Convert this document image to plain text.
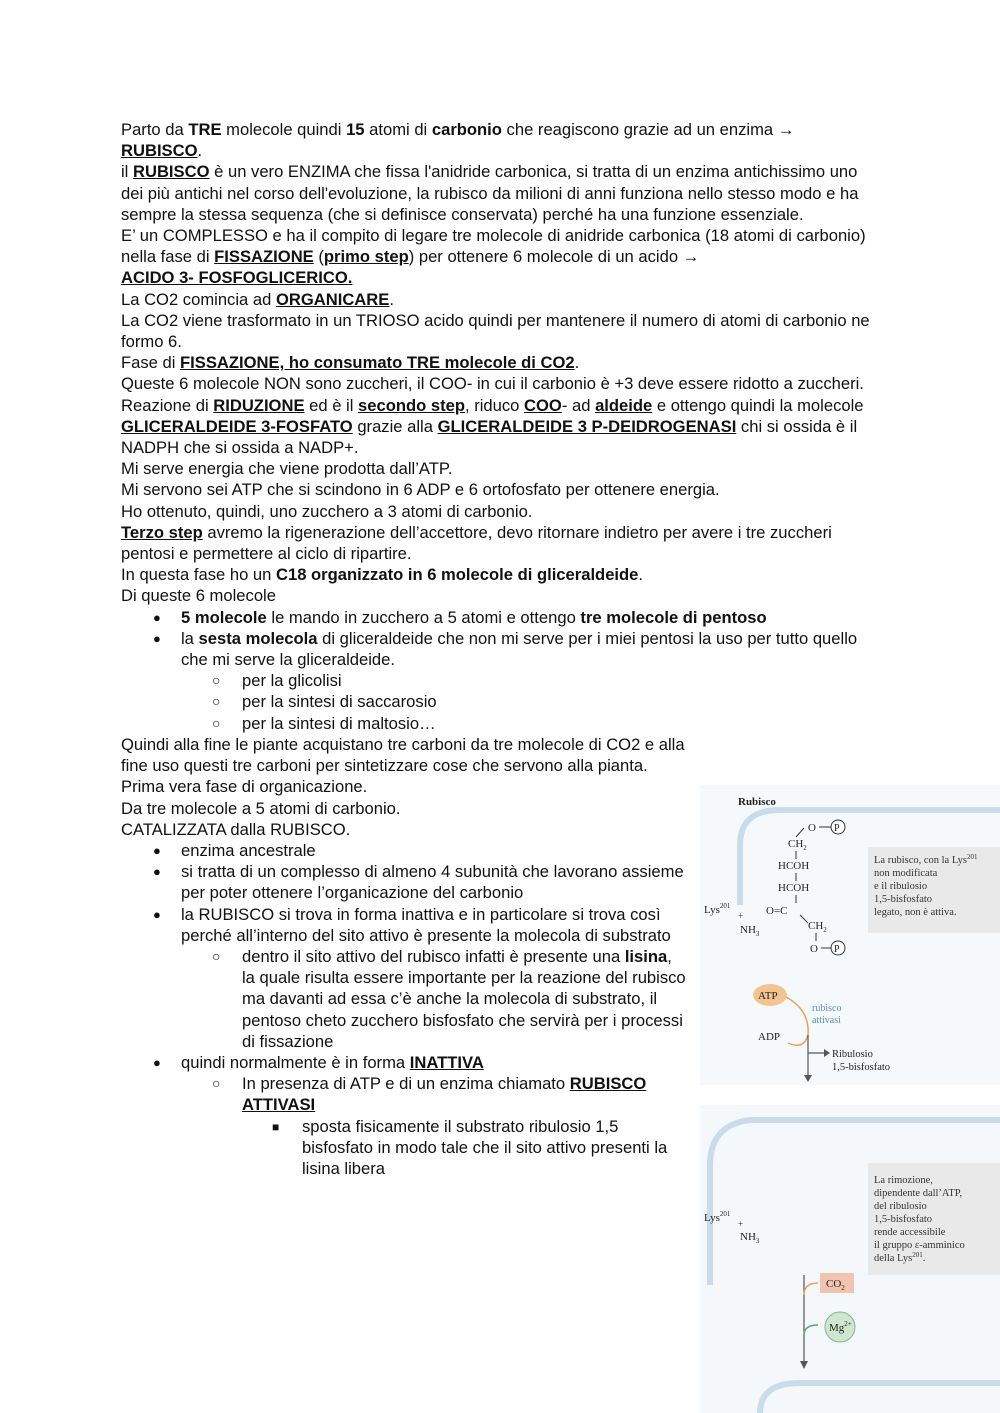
Parto da TRE molecole quindi 15 atomi di carbonio che reagiscono grazie ad un enzima →

RUBISCO.

il RUBISCO è un vero ENZIMA che fissa l'anidride carbonica, si tratta di un enzima antichissimo uno dei più antichi nel corso dell'evoluzione, la rubisco da milioni di anni funziona nello stesso modo e ha sempre la stessa sequenza (che si definisce conservata) perché ha una funzione essenziale.

E’ un COMPLESSO e ha il compito di legare tre molecole di anidride carbonica (18 atomi di carbonio) nella fase di FISSAZIONE (primo step) per ottenere 6 molecole di un acido →

ACIDO 3- FOSFOGLICERICO.

La CO2 comincia ad ORGANICARE.

La CO2 viene trasformato in un TRIOSO acido quindi per mantenere il numero di atomi di carbonio ne formo 6.

Fase di FISSAZIONE, ho consumato TRE molecole di CO2.

Queste 6 molecole NON sono zuccheri, il COO- in cui il carbonio è +3 deve essere ridotto a zuccheri.

Reazione di RIDUZIONE ed è il secondo step, riduco COO- ad aldeide e ottengo quindi la molecole GLICERALDEIDE 3-FOSFATO grazie alla GLICERALDEIDE 3 P-DEIDROGENASI chi si ossida è il NADPH che si ossida a NADP+.

Mi serve energia che viene prodotta dall’ATP.

Mi servono sei ATP che si scindono in 6 ADP e 6 ortofosfato per ottenere energia.

Ho ottenuto, quindi, uno zucchero a 3 atomi di carbonio.

Terzo step avremo la rigenerazione dell’accettore, devo ritornare indietro per avere i tre zuccheri pentosi e permettere al ciclo di ripartire.

In questa fase ho un C18 organizzato in 6 molecole di gliceraldeide.

Di queste 6 molecole

● 5 molecole le mando in zucchero a 5 atomi e ottengo tre molecole di pentoso
● la sesta molecola di gliceraldeide che non mi serve per i miei pentosi la uso per tutto quello che mi serve la gliceraldeide.
○ per la glicolisi
○ per la sintesi di saccarosio
○ per la sintesi di maltosio…

Quindi alla fine le piante acquistano tre carboni da tre molecole di CO2 e alla fine uso questi tre carboni per sintetizzare cose che servono alla pianta.

Prima vera fase di organicazione.

Da tre molecole a 5 atomi di carbonio.

CATALIZZATA dalla RUBISCO.

● enzima ancestrale
● si tratta di un complesso di almeno 4 subunità che lavorano assieme per poter ottenere l’organicazione del carbonio
● la RUBISCO si trova in forma inattiva e in particolare si trova così perché all’interno del sito attivo è presente la molecola di substrato
○ dentro il sito attivo del rubisco infatti è presente una lisina, la quale risulta essere importante per la reazione del rubisco ma davanti ad essa c’è anche la molecola di substrato, il pentoso cheto zucchero bisfosfato che servirà per i processi di fissazione
● quindi normalmente è in forma INATTIVA
○ In presenza di ATP e di un enzima chiamato RUBISCO ATTIVASI
■ sposta fisicamente il substrato ribulosio 1,5 bisfosfato in modo tale che il sito attivo presenti la lisina libera
Rubisco
O P
$CH_2$
HCOH
HCOH
O=C
$CH_2$
O P
Lys$^{201}$
+
$NH_3$
La rubisco, con la Lys$^{201}$
non modificata
e il ribulosio
1,5-bisfosfato
legato, non è attiva.
ATP
ADP
rubisco
attivasi
Ribulosio
1,5-bisfosfato
Lys$^{201}$
+
$NH_3$
La rimozione,
dipendente dall’ATP,
del ribulosio
1,5-bisfosfato
rende accessibile
il gruppo ε-amminico
della Lys$^{201}$.
$CO_2$
$Mg^{2+}$
